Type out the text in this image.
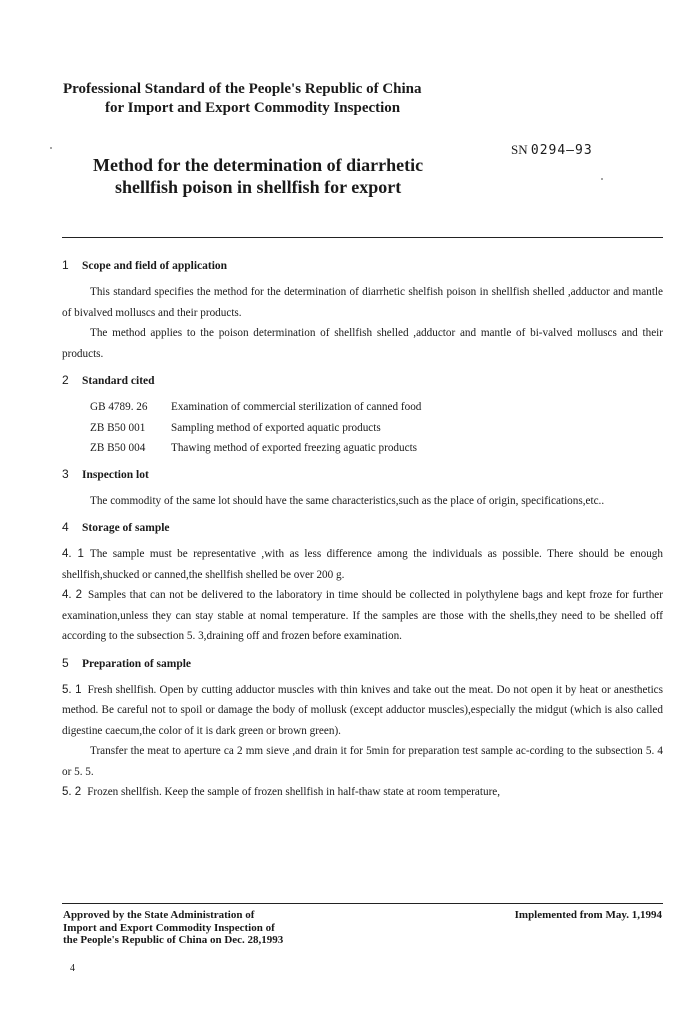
Professional Standard of the People's Republic of China
for Import and Export Commodity Inspection
SN 0294—93
Method for the determination of diarrhetic
shellfish poison in shellfish for export
1 Scope and field of application

This standard specifies the method for the determination of diarrhetic shelfish poison in shellfish shelled ,adductor and mantle of bivalved molluscs and their products.

The method applies to the poison determination of shellfish shelled ,adductor and mantle of bi-valved molluscs and their products.

2 Standard cited
GB 4789. 26	Examination of commercial sterilization of canned food
ZB B50 001	Sampling method of exported aquatic products
ZB B50 004	Thawing method of exported freezing aguatic products
3 Inspection lot

The commodity of the same lot should have the same characteristics,such as the place of origin, specifications,etc..

4 Storage of sample

4. 1 The sample must be representative ,with as less difference among the individuals as possible. There should be enough shellfish,shucked or canned,the shellfish shelled be over 200 g.

4. 2 Samples that can not be delivered to the laboratory in time should be collected in polythylene bags and kept froze for further examination,unless they can stay stable at nomal temperature. If the samples are those with the shells,they need to be shelled off according to the subsection 5. 3,draining off and frozen before examination.

5 Preparation of sample

5. 1 Fresh shellfish. Open by cutting adductor muscles with thin knives and take out the meat. Do not open it by heat or anesthetics method. Be careful not to spoil or damage the body of mollusk (except adductor muscles),especially the midgut (which is also called digestine caecum,the color of it is dark green or brown green).

Transfer the meat to aperture ca 2 mm sieve ,and drain it for 5min for preparation test sample ac-cording to the subsection 5. 4 or 5. 5.

5. 2 Frozen shellfish. Keep the sample of frozen shellfish in half-thaw state at room temperature,

Approved by the State Administration of
Import and Export Commodity Inspection of
the People's Republic of China on Dec. 28,1993
Implemented from May. 1,1994
4
